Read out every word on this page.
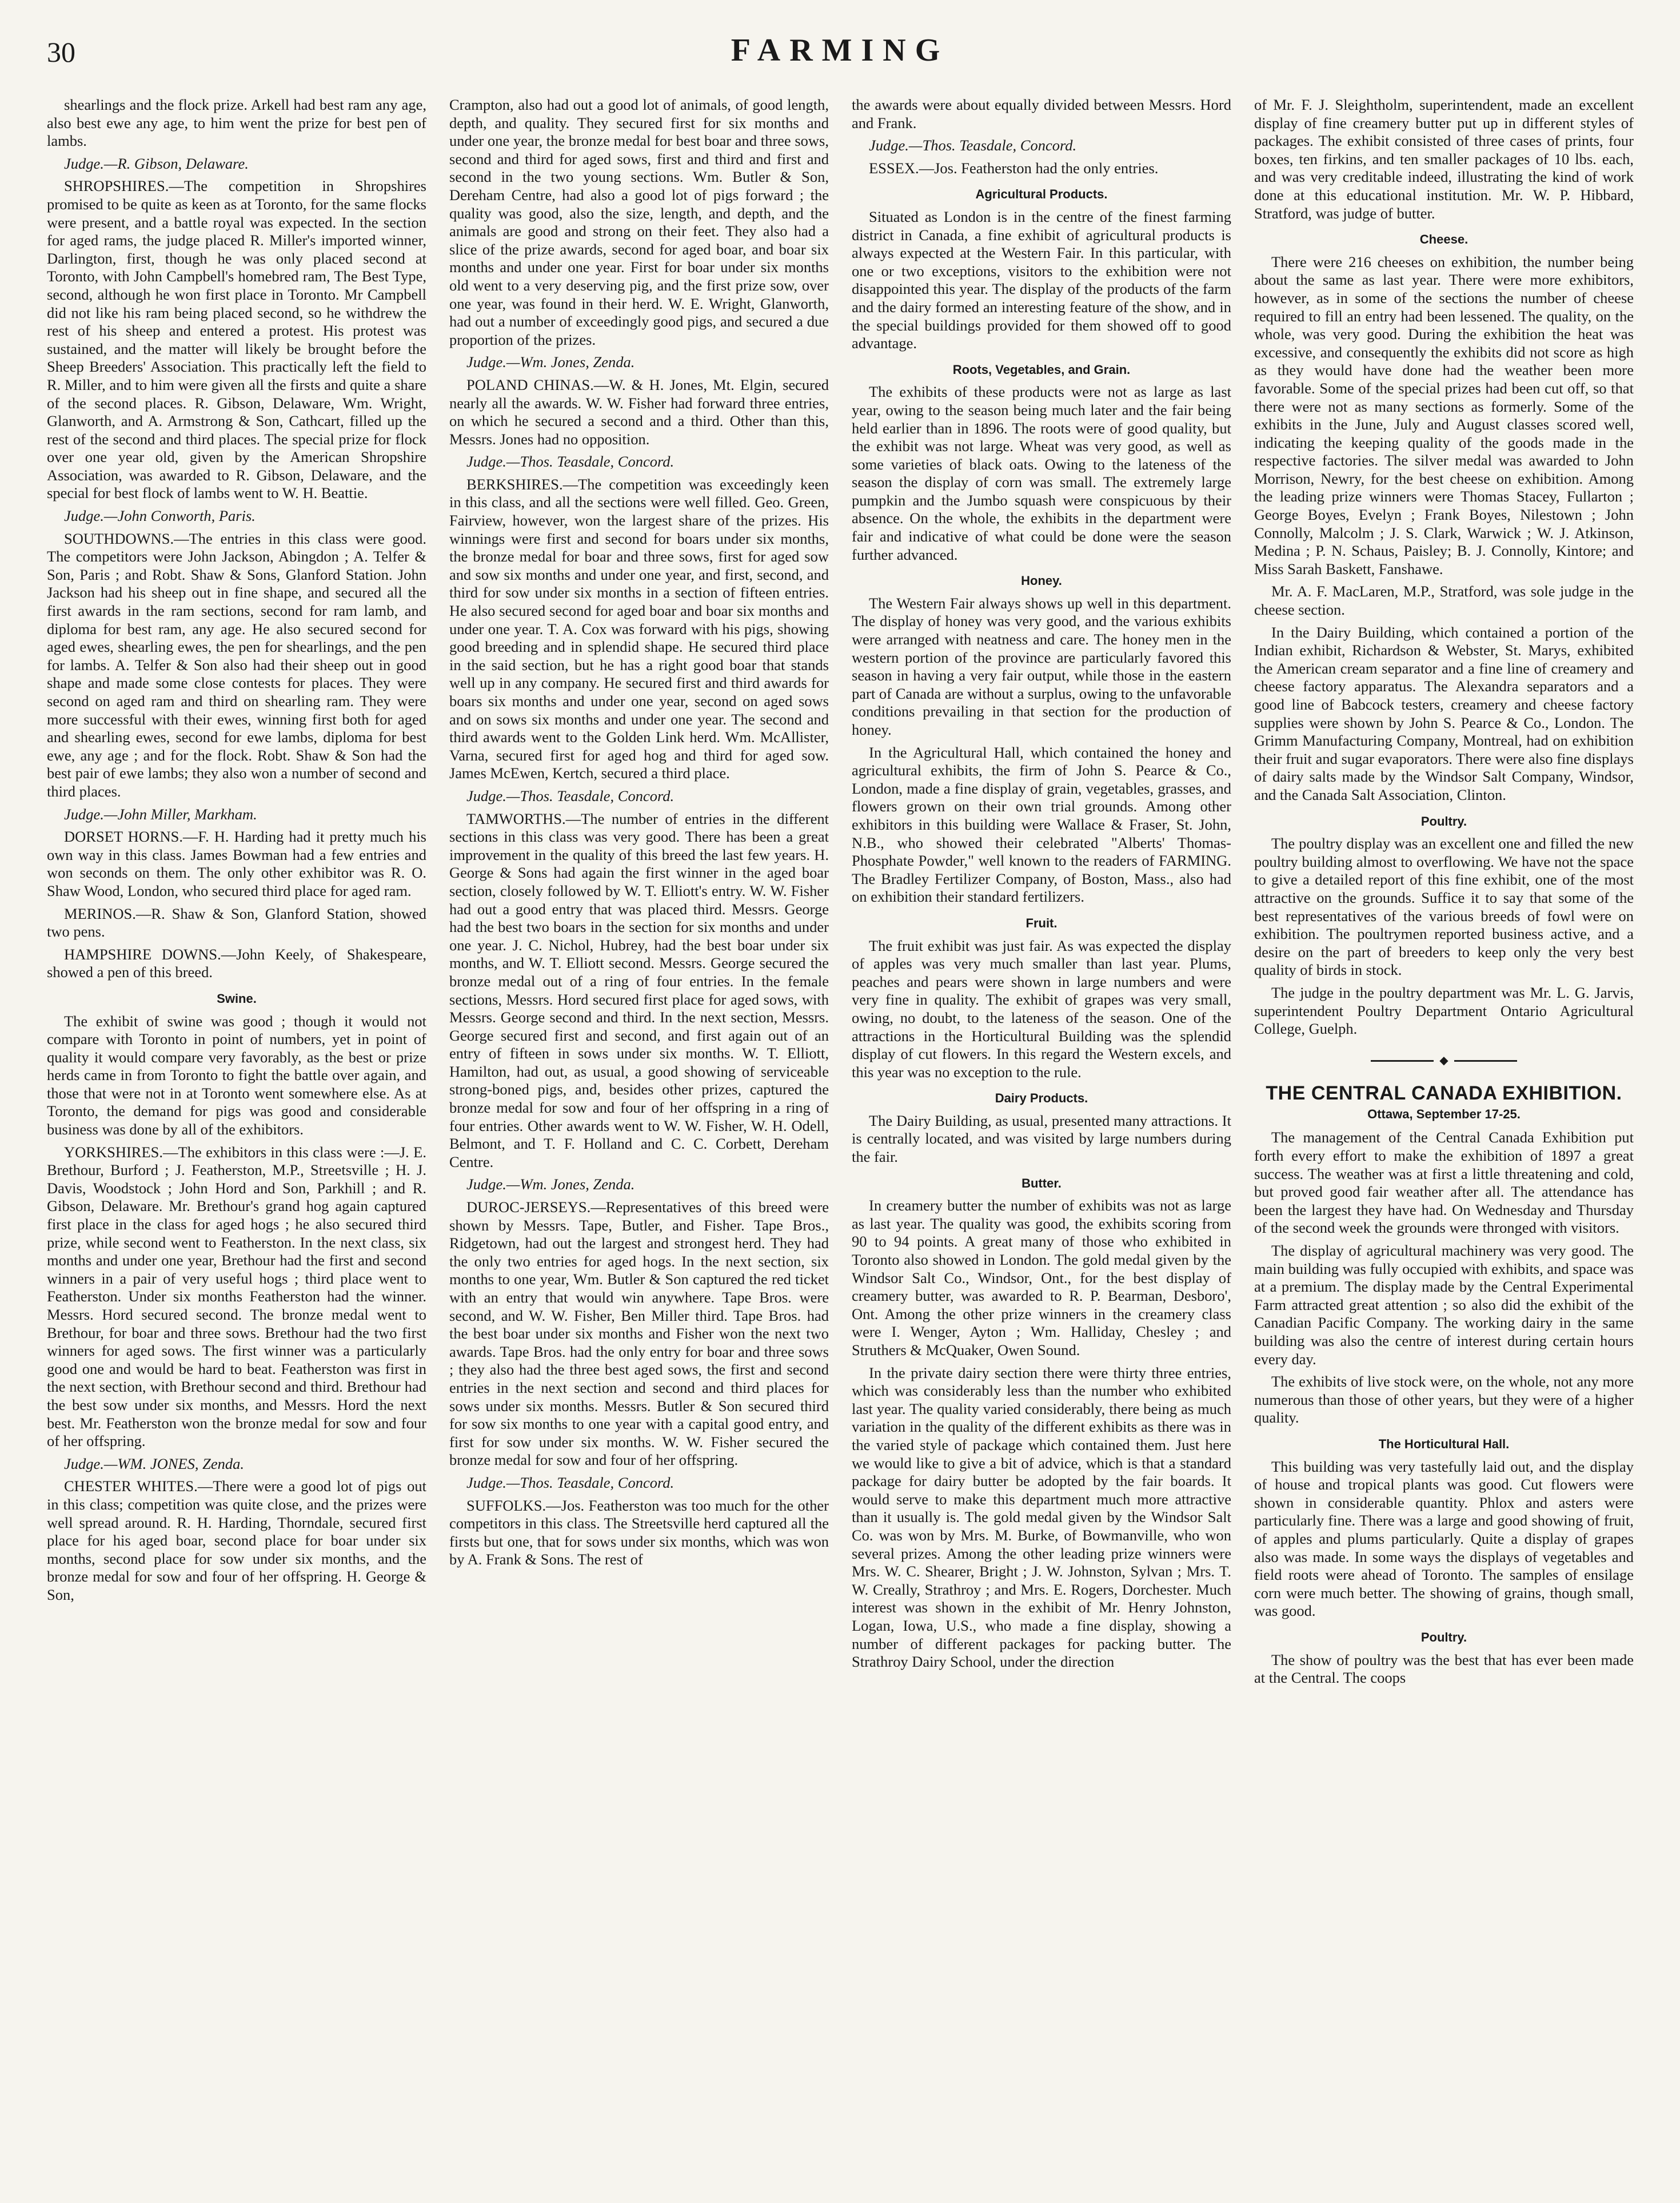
30	FARMING

shearlings and the flock prize. Arkell had best ram any age, also best ewe any age, to him went the prize for best pen of lambs.

Judge.—R. Gibson, Delaware.

SHROPSHIRES.—The competition in Shropshires promised to be quite as keen as at Toronto, for the same flocks were present, and a battle royal was expected. In the section for aged rams, the judge placed R. Miller's imported winner, Darlington, first, though he was only placed second at Toronto, with John Campbell's homebred ram, The Best Type, second, although he won first place in Toronto. Mr Campbell did not like his ram being placed second, so he withdrew the rest of his sheep and entered a protest. His protest was sustained, and the matter will likely be brought before the Sheep Breeders' Association. This practically left the field to R. Miller, and to him were given all the firsts and quite a share of the second places. R. Gibson, Delaware, Wm. Wright, Glanworth, and A. Armstrong & Son, Cathcart, filled up the rest of the second and third places. The special prize for flock over one year old, given by the American Shropshire Association, was awarded to R. Gibson, Delaware, and the special for best flock of lambs went to W. H. Beattie.

Judge.—John Conworth, Paris.

SOUTHDOWNS.—The entries in this class were good. The competitors were John Jackson, Abingdon ; A. Telfer & Son, Paris ; and Robt. Shaw & Sons, Glanford Station. John Jackson had his sheep out in fine shape, and secured all the first awards in the ram sections, second for ram lamb, and diploma for best ram, any age. He also secured second for aged ewes, shearling ewes, the pen for shearlings, and the pen for lambs. A. Telfer & Son also had their sheep out in good shape and made some close contests for places. They were second on aged ram and third on shearling ram. They were more successful with their ewes, winning first both for aged and shearling ewes, second for ewe lambs, diploma for best ewe, any age ; and for the flock. Robt. Shaw & Son had the best pair of ewe lambs; they also won a number of second and third places.

Judge.—John Miller, Markham.

DORSET HORNS.—F. H. Harding had it pretty much his own way in this class. James Bowman had a few entries and won seconds on them. The only other exhibitor was R. O. Shaw Wood, London, who secured third place for aged ram.

MERINOS.—R. Shaw & Son, Glanford Station, showed two pens.

HAMPSHIRE DOWNS.—John Keely, of Shakespeare, showed a pen of this breed.

Swine.

The exhibit of swine was good ; though it would not compare with Toronto in point of numbers, yet in point of quality it would compare very favorably, as the best or prize herds came in from Toronto to fight the battle over again, and those that were not in at Toronto went somewhere else. As at Toronto, the demand for pigs was good and considerable business was done by all of the exhibitors.

YORKSHIRES.—The exhibitors in this class were :—J. E. Brethour, Burford ; J. Featherston, M.P., Streetsville ; H. J. Davis, Woodstock ; John Hord and Son, Parkhill ; and R. Gibson, Delaware. Mr. Brethour's grand hog again captured first place in the class for aged hogs ; he also secured third prize, while second went to Featherston. In the next class, six months and under one year, Brethour had the first and second winners in a pair of very useful hogs ; third place went to Featherston. Under six months Featherston had the winner. Messrs. Hord secured second. The bronze medal went to Brethour, for boar and three sows. Brethour had the two first winners for aged sows. The first winner was a particularly good one and would be hard to beat. Featherston was first in the next section, with Brethour second and third. Brethour had the best sow under six months, and Messrs. Hord the next best. Mr. Featherston won the bronze medal for sow and four of her offspring.

Judge.—WM. JONES, Zenda.

CHESTER WHITES.—There were a good lot of pigs out in this class; competition was quite close, and the prizes were well spread around. R. H. Harding, Thorndale, secured first place for his aged boar, second place for boar under six months, second place for sow under six months, and the bronze medal for sow and four of her offspring. H. George & Son,

Crampton, also had out a good lot of animals, of good length, depth, and quality. They secured first for six months and under one year, the bronze medal for best boar and three sows, second and third for aged sows, first and third and first and second in the two young sections. Wm. Butler & Son, Dereham Centre, had also a good lot of pigs forward ; the quality was good, also the size, length, and depth, and the animals are good and strong on their feet. They also had a slice of the prize awards, second for aged boar, and boar six months and under one year. First for boar under six months old went to a very deserving pig, and the first prize sow, over one year, was found in their herd. W. E. Wright, Glanworth, had out a number of exceedingly good pigs, and secured a due proportion of the prizes.

Judge.—Wm. Jones, Zenda.

POLAND CHINAS.—W. & H. Jones, Mt. Elgin, secured nearly all the awards. W. W. Fisher had forward three entries, on which he secured a second and a third. Other than this, Messrs. Jones had no opposition.

Judge.—Thos. Teasdale, Concord.

BERKSHIRES.—The competition was exceedingly keen in this class, and all the sections were well filled. Geo. Green, Fairview, however, won the largest share of the prizes. His winnings were first and second for boars under six months, the bronze medal for boar and three sows, first for aged sow and sow six months and under one year, and first, second, and third for sow under six months in a section of fifteen entries. He also secured second for aged boar and boar six months and under one year. T. A. Cox was forward with his pigs, showing good breeding and in splendid shape. He secured third place in the said section, but he has a right good boar that stands well up in any company. He secured first and third awards for boars six months and under one year, second on aged sows and on sows six months and under one year. The second and third awards went to the Golden Link herd. Wm. McAllister, Varna, secured first for aged hog and third for aged sow. James McEwen, Kertch, secured a third place.

Judge.—Thos. Teasdale, Concord.

TAMWORTHS.—The number of entries in the different sections in this class was very good. There has been a great improvement in the quality of this breed the last few years. H. George & Sons had again the first winner in the aged boar section, closely followed by W. T. Elliott's entry. W. W. Fisher had out a good entry that was placed third. Messrs. George had the best two boars in the section for six months and under one year. J. C. Nichol, Hubrey, had the best boar under six months, and W. T. Elliott second. Messrs. George secured the bronze medal out of a ring of four entries. In the female sections, Messrs. Hord secured first place for aged sows, with Messrs. George second and third. In the next section, Messrs. George secured first and second, and first again out of an entry of fifteen in sows under six months. W. T. Elliott, Hamilton, had out, as usual, a good showing of serviceable strong-boned pigs, and, besides other prizes, captured the bronze medal for sow and four of her offspring in a ring of four entries. Other awards went to W. W. Fisher, W. H. Odell, Belmont, and T. F. Holland and C. C. Corbett, Dereham Centre.

Judge.—Wm. Jones, Zenda.

DUROC-JERSEYS.—Representatives of this breed were shown by Messrs. Tape, Butler, and Fisher. Tape Bros., Ridgetown, had out the largest and strongest herd. They had the only two entries for aged hogs. In the next section, six months to one year, Wm. Butler & Son captured the red ticket with an entry that would win anywhere. Tape Bros. were second, and W. W. Fisher, Ben Miller third. Tape Bros. had the best boar under six months and Fisher won the next two awards. Tape Bros. had the only entry for boar and three sows ; they also had the three best aged sows, the first and second entries in the next section and second and third places for sows under six months. Messrs. Butler & Son secured third for sow six months to one year with a capital good entry, and first for sow under six months. W. W. Fisher secured the bronze medal for sow and four of her offspring.

Judge.—Thos. Teasdale, Concord.

SUFFOLKS.—Jos. Featherston was too much for the other competitors in this class. The Streetsville herd captured all the firsts but one, that for sows under six months, which was won by A. Frank & Sons. The rest of

the awards were about equally divided between Messrs. Hord and Frank.

Judge.—Thos. Teasdale, Concord.

ESSEX.—Jos. Featherston had the only entries.

Agricultural Products.

Situated as London is in the centre of the finest farming district in Canada, a fine exhibit of agricultural products is always expected at the Western Fair. In this particular, with one or two exceptions, visitors to the exhibition were not disappointed this year. The display of the products of the farm and the dairy formed an interesting feature of the show, and in the special buildings provided for them showed off to good advantage.

Roots, Vegetables, and Grain.

The exhibits of these products were not as large as last year, owing to the season being much later and the fair being held earlier than in 1896. The roots were of good quality, but the exhibit was not large. Wheat was very good, as well as some varieties of black oats. Owing to the lateness of the season the display of corn was small. The extremely large pumpkin and the Jumbo squash were conspicuous by their absence. On the whole, the exhibits in the department were fair and indicative of what could be done were the season further advanced.

Honey.

The Western Fair always shows up well in this department. The display of honey was very good, and the various exhibits were arranged with neatness and care. The honey men in the western portion of the province are particularly favored this season in having a very fair output, while those in the eastern part of Canada are without a surplus, owing to the unfavorable conditions prevailing in that section for the production of honey.

In the Agricultural Hall, which contained the honey and agricultural exhibits, the firm of John S. Pearce & Co., London, made a fine display of grain, vegetables, grasses, and flowers grown on their own trial grounds. Among other exhibitors in this building were Wallace & Fraser, St. John, N.B., who showed their celebrated "Alberts' Thomas-Phosphate Powder," well known to the readers of FARMING. The Bradley Fertilizer Company, of Boston, Mass., also had on exhibition their standard fertilizers.

Fruit.

The fruit exhibit was just fair. As was expected the display of apples was very much smaller than last year. Plums, peaches and pears were shown in large numbers and were very fine in quality. The exhibit of grapes was very small, owing, no doubt, to the lateness of the season. One of the attractions in the Horticultural Building was the splendid display of cut flowers. In this regard the Western excels, and this year was no exception to the rule.

Dairy Products.

The Dairy Building, as usual, presented many attractions. It is centrally located, and was visited by large numbers during the fair.

Butter.

In creamery butter the number of exhibits was not as large as last year. The quality was good, the exhibits scoring from 90 to 94 points. A great many of those who exhibited in Toronto also showed in London. The gold medal given by the Windsor Salt Co., Windsor, Ont., for the best display of creamery butter, was awarded to R. P. Bearman, Desboro', Ont. Among the other prize winners in the creamery class were I. Wenger, Ayton ; Wm. Halliday, Chesley ; and Struthers & McQuaker, Owen Sound.

In the private dairy section there were thirty three entries, which was considerably less than the number who exhibited last year. The quality varied considerably, there being as much variation in the quality of the different exhibits as there was in the varied style of package which contained them. Just here we would like to give a bit of advice, which is that a standard package for dairy butter be adopted by the fair boards. It would serve to make this department much more attractive than it usually is. The gold medal given by the Windsor Salt Co. was won by Mrs. M. Burke, of Bowmanville, who won several prizes. Among the other leading prize winners were Mrs. W. C. Shearer, Bright ; J. W. Johnston, Sylvan ; Mrs. T. W. Creally, Strathroy ; and Mrs. E. Rogers, Dorchester. Much interest was shown in the exhibit of Mr. Henry Johnston, Logan, Iowa, U.S., who made a fine display, showing a number of different packages for packing butter. The Strathroy Dairy School, under the direction

of Mr. F. J. Sleightholm, superintendent, made an excellent display of fine creamery butter put up in different styles of packages. The exhibit consisted of three cases of prints, four boxes, ten firkins, and ten smaller packages of 10 lbs. each, and was very creditable indeed, illustrating the kind of work done at this educational institution. Mr. W. P. Hibbard, Stratford, was judge of butter.

Cheese.

There were 216 cheeses on exhibition, the number being about the same as last year. There were more exhibitors, however, as in some of the sections the number of cheese required to fill an entry had been lessened. The quality, on the whole, was very good. During the exhibition the heat was excessive, and consequently the exhibits did not score as high as they would have done had the weather been more favorable. Some of the special prizes had been cut off, so that there were not as many sections as formerly. Some of the exhibits in the June, July and August classes scored well, indicating the keeping quality of the goods made in the respective factories. The silver medal was awarded to John Morrison, Newry, for the best cheese on exhibition. Among the leading prize winners were Thomas Stacey, Fullarton ; George Boyes, Evelyn ; Frank Boyes, Nilestown ; John Connolly, Malcolm ; J. S. Clark, Warwick ; W. J. Atkinson, Medina ; P. N. Schaus, Paisley; B. J. Connolly, Kintore; and Miss Sarah Baskett, Fanshawe.

Mr. A. F. MacLaren, M.P., Stratford, was sole judge in the cheese section.

In the Dairy Building, which contained a portion of the Indian exhibit, Richardson & Webster, St. Marys, exhibited the American cream separator and a fine line of creamery and cheese factory apparatus. The Alexandra separators and a good line of Babcock testers, creamery and cheese factory supplies were shown by John S. Pearce & Co., London. The Grimm Manufacturing Company, Montreal, had on exhibition their fruit and sugar evaporators. There were also fine displays of dairy salts made by the Windsor Salt Company, Windsor, and the Canada Salt Association, Clinton.

Poultry.

The poultry display was an excellent one and filled the new poultry building almost to overflowing. We have not the space to give a detailed report of this fine exhibit, one of the most attractive on the grounds. Suffice it to say that some of the best representatives of the various breeds of fowl were on exhibition. The poultrymen reported business active, and a desire on the part of breeders to keep only the very best quality of birds in stock.

The judge in the poultry department was Mr. L. G. Jarvis, superintendent Poultry Department Ontario Agricultural College, Guelph.

◆
THE CENTRAL CANADA EXHIBITION.
Ottawa, September 17-25.

The management of the Central Canada Exhibition put forth every effort to make the exhibition of 1897 a great success. The weather was at first a little threatening and cold, but proved good fair weather after all. The attendance has been the largest they have had. On Wednesday and Thursday of the second week the grounds were thronged with visitors.

The display of agricultural machinery was very good. The main building was fully occupied with exhibits, and space was at a premium. The display made by the Central Experimental Farm attracted great attention ; so also did the exhibit of the Canadian Pacific Company. The working dairy in the same building was also the centre of interest during certain hours every day.

The exhibits of live stock were, on the whole, not any more numerous than those of other years, but they were of a higher quality.

The Horticultural Hall.

This building was very tastefully laid out, and the display of house and tropical plants was good. Cut flowers were shown in considerable quantity. Phlox and asters were particularly fine. There was a large and good showing of fruit, of apples and plums particularly. Quite a display of grapes also was made. In some ways the displays of vegetables and field roots were ahead of Toronto. The samples of ensilage corn were much better. The showing of grains, though small, was good.

Poultry.

The show of poultry was the best that has ever been made at the Central. The coops
